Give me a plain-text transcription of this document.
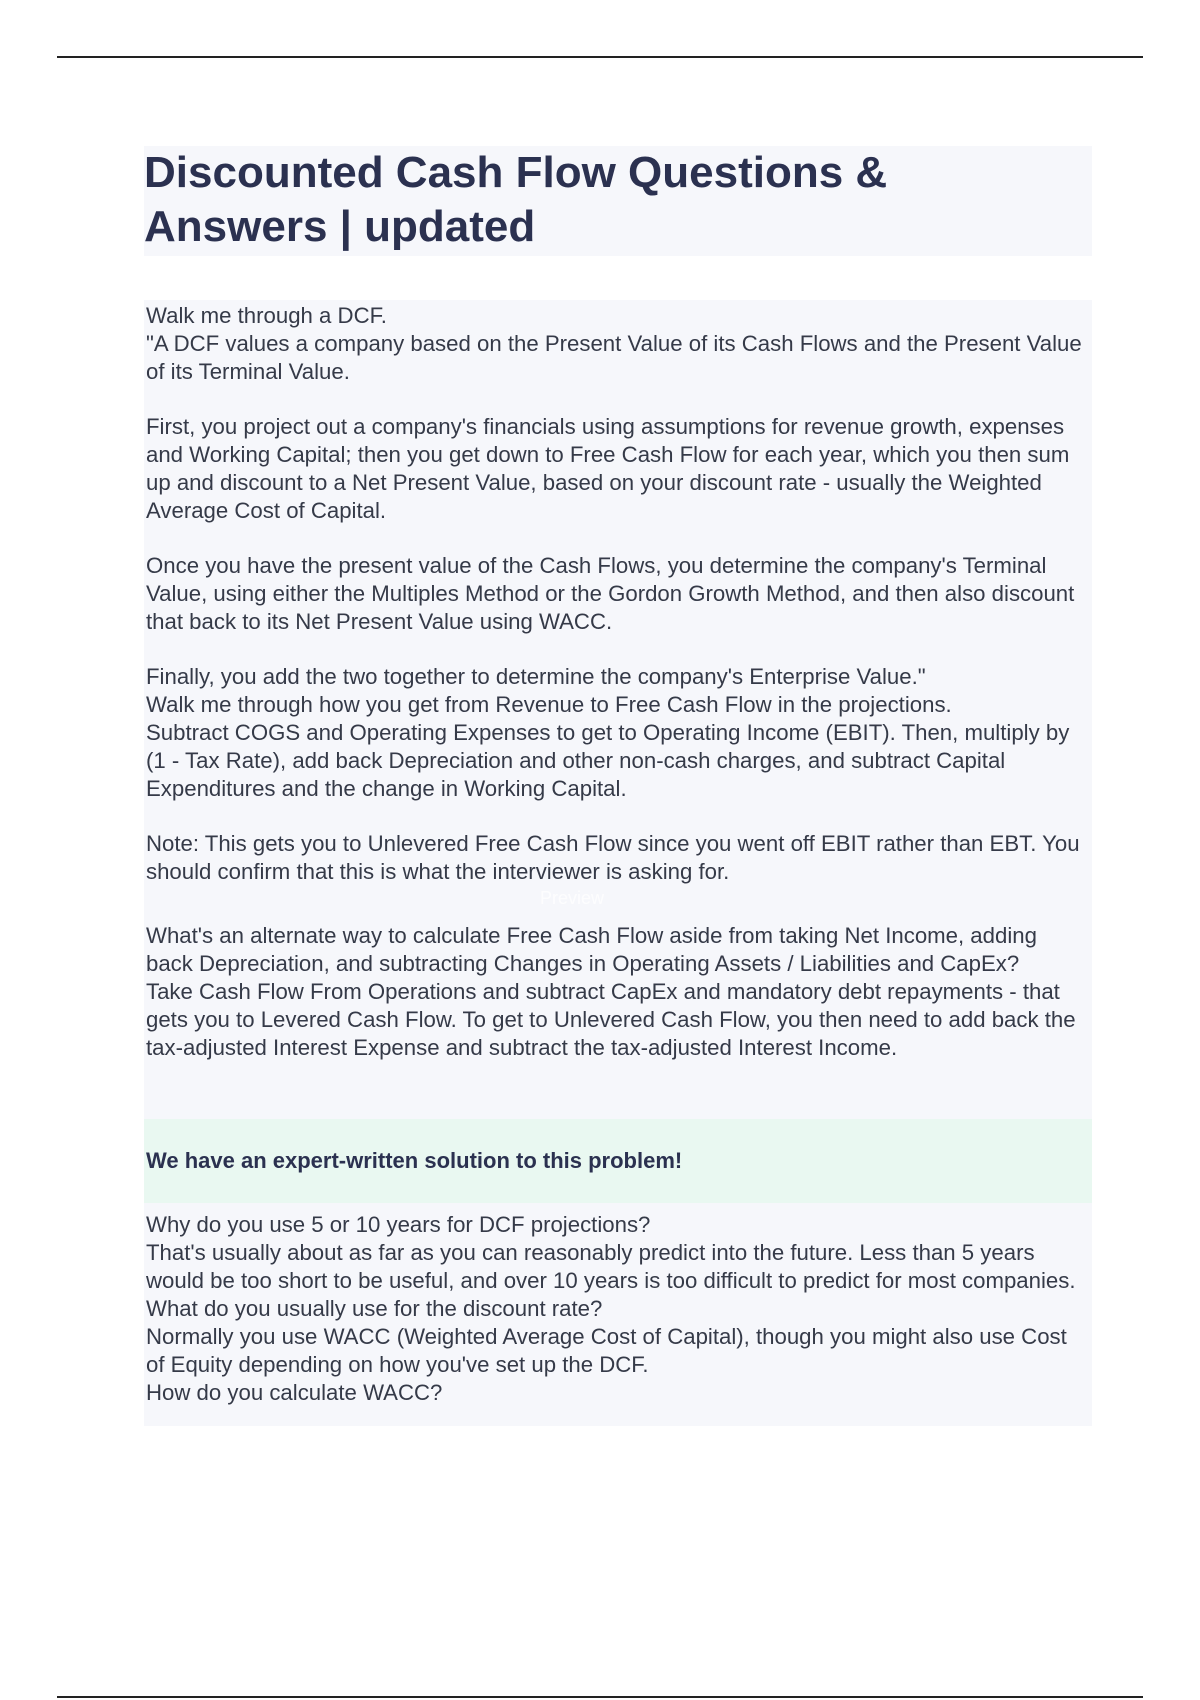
Discounted Cash Flow Questions & Answers | updated

Walk me through a DCF.
"A DCF values a company based on the Present Value of its Cash Flows and the Present Value of its Terminal Value.

First, you project out a company's financials using assumptions for revenue growth, expenses and Working Capital; then you get down to Free Cash Flow for each year, which you then sum up and discount to a Net Present Value, based on your discount rate - usually the Weighted Average Cost of Capital.

Once you have the present value of the Cash Flows, you determine the company's Terminal Value, using either the Multiples Method or the Gordon Growth Method, and then also discount that back to its Net Present Value using WACC.

Finally, you add the two together to determine the company's Enterprise Value."
Walk me through how you get from Revenue to Free Cash Flow in the projections.
Subtract COGS and Operating Expenses to get to Operating Income (EBIT). Then, multiply by (1 - Tax Rate), add back Depreciation and other non-cash charges, and subtract Capital Expenditures and the change in Working Capital.

Note: This gets you to Unlevered Free Cash Flow since you went off EBIT rather than EBT. You should confirm that this is what the interviewer is asking for.

What's an alternate way to calculate Free Cash Flow aside from taking Net Income, adding back Depreciation, and subtracting Changes in Operating Assets / Liabilities and CapEx?
Take Cash Flow From Operations and subtract CapEx and mandatory debt repayments - that gets you to Levered Cash Flow. To get to Unlevered Cash Flow, you then need to add back the tax-adjusted Interest Expense and subtract the tax-adjusted Interest Income.

We have an expert-written solution to this problem!

Why do you use 5 or 10 years for DCF projections?
That's usually about as far as you can reasonably predict into the future. Less than 5 years would be too short to be useful, and over 10 years is too difficult to predict for most companies.
What do you usually use for the discount rate?
Normally you use WACC (Weighted Average Cost of Capital), though you might also use Cost of Equity depending on how you've set up the DCF.
How do you calculate WACC?

Preview
